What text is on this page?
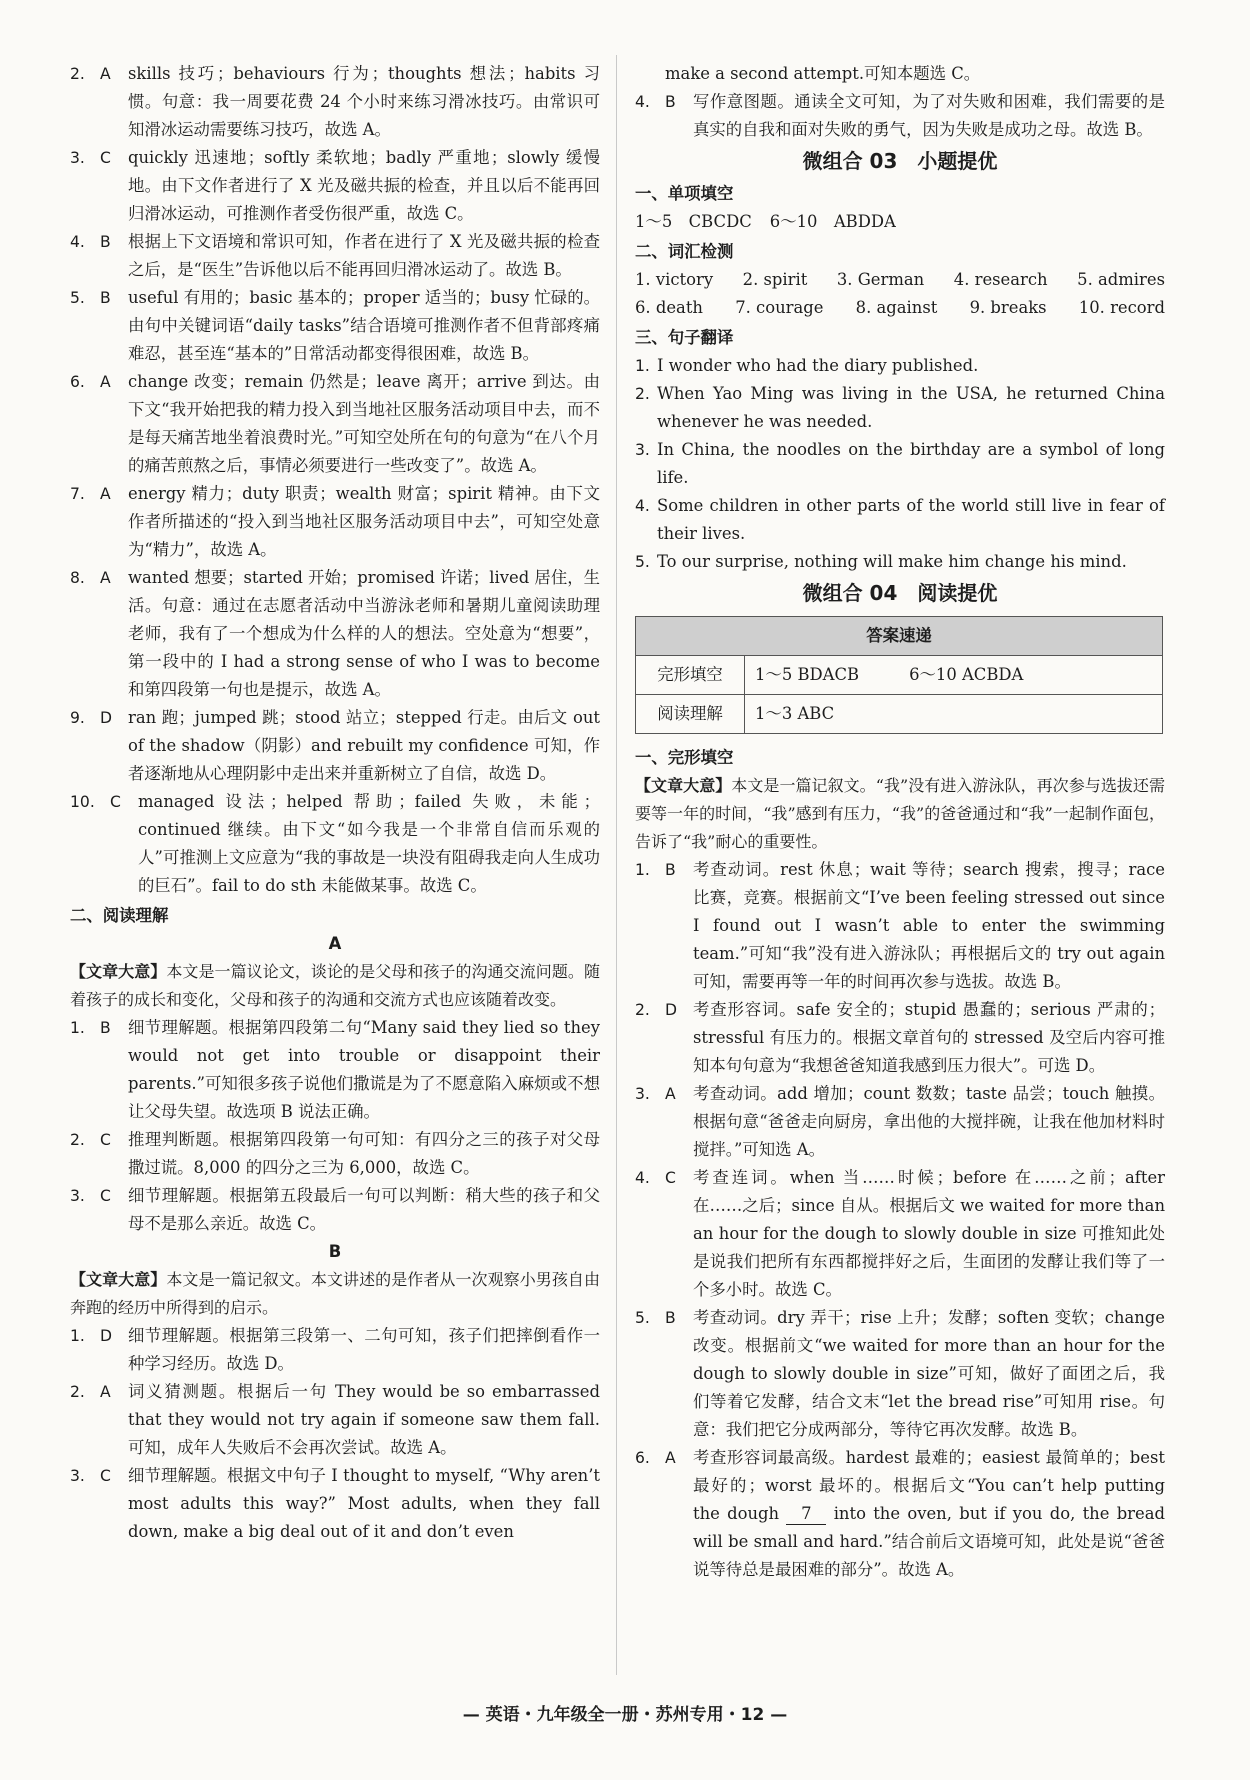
2. A	skills 技巧；behaviours 行为；thoughts 想法；habits 习惯。句意：我一周要花费 24 个小时来练习滑冰技巧。由常识可知滑冰运动需要练习技巧，故选 A。
3. C	quickly 迅速地；softly 柔软地；badly 严重地；slowly 缓慢地。由下文作者进行了 X 光及磁共振的检查，并且以后不能再回归滑冰运动，可推测作者受伤很严重，故选 C。
4. B	根据上下文语境和常识可知，作者在进行了 X 光及磁共振的检查之后，是“医生”告诉他以后不能再回归滑冰运动了。故选 B。
5. B	useful 有用的；basic 基本的；proper 适当的；busy 忙碌的。由句中关键词语“daily tasks”结合语境可推测作者不但背部疼痛难忍，甚至连“基本的”日常活动都变得很困难，故选 B。
6. A	change 改变；remain 仍然是；leave 离开；arrive 到达。由下文“我开始把我的精力投入到当地社区服务活动项目中去，而不是每天痛苦地坐着浪费时光。”可知空处所在句的句意为“在八个月的痛苦煎熬之后，事情必须要进行一些改变了”。故选 A。
7. A	energy 精力；duty 职责；wealth 财富；spirit 精神。由下文作者所描述的“投入到当地社区服务活动项目中去”，可知空处意为“精力”，故选 A。
8. A	wanted 想要；started 开始；promised 许诺；lived 居住，生活。句意：通过在志愿者活动中当游泳老师和暑期儿童阅读助理老师，我有了一个想成为什么样的人的想法。空处意为“想要”，第一段中的 I had a strong sense of who I was to become 和第四段第一句也是提示，故选 A。
9. D ran 跑；jumped 跳；stood 站立；stepped 行走。由后文 out of the shadow（阴影）and rebuilt my confidence 可知，作者逐渐地从心理阴影中走出来并重新树立了自信，故选 D。
10. C	managed 设法；helped 帮助；failed 失败，未能；continued 继续。由下文“如今我是一个非常自信而乐观的人”可推测上文应意为“我的事故是一块没有阻碍我走向人生成功的巨石”。fail to do sth 未能做某事。故选 C。
二、阅读理解
A
【文章大意】本文是一篇议论文，谈论的是父母和孩子的沟通交流问题。随着孩子的成长和变化，父母和孩子的沟通和交流方式也应该随着改变。
1. B	细节理解题。根据第四段第二句“Many said they lied so they would not get into trouble or disappoint their parents.”可知很多孩子说他们撒谎是为了不愿意陷入麻烦或不想让父母失望。故选项 B 说法正确。
2. C	推理判断题。根据第四段第一句可知：有四分之三的孩子对父母撒过谎。8,000 的四分之三为 6,000，故选 C。
3. C	细节理解题。根据第五段最后一句可以判断：稍大些的孩子和父母不是那么亲近。故选 C。
B
【文章大意】本文是一篇记叙文。本文讲述的是作者从一次观察小男孩自由奔跑的经历中所得到的启示。
1. D 细节理解题。根据第三段第一、二句可知，孩子们把摔倒看作一种学习经历。故选 D。
2. A	词义猜测题。根据后一句 They would be so embarrassed that they would not try again if someone saw them fall. 可知，成年人失败后不会再次尝试。故选 A。
3. C	细节理解题。根据文中句子 I thought to myself, “Why aren’t most adults this way?” Most adults, when they fall down, make a big deal out of it and don’t even
make a second attempt.可知本题选 C。
4. B	写作意图题。通读全文可知，为了对失败和困难，我们需要的是真实的自我和面对失败的勇气，因为失败是成功之母。故选 B。
微组合 03　小题提优
一、单项填空
1～5　CBCDC 6～10　ABDDA
二、词汇检测
1. victory 2. spirit 3. German 4. research 5. admires
6. death 7. courage 8. against 9. breaks 10. record
三、句子翻译
1. I wonder who had the diary published.
2. When Yao Ming was living in the USA, he returned China whenever he was needed.
3. In China, the noodles on the birthday are a symbol of long life.
4. Some children in other parts of the world still live in fear of their lives.
5. To our surprise, nothing will make him change his mind.
微组合 04　阅读提优
答案速递	
完形填空	1～5 BDACB 6～10 ACBDA
阅读理解	1～3 ABC
一、完形填空
【文章大意】本文是一篇记叙文。“我”没有进入游泳队，再次参与选拔还需要等一年的时间，“我”感到有压力，“我”的爸爸通过和“我”一起制作面包，告诉了“我”耐心的重要性。
1. B	考查动词。rest 休息；wait 等待；search 搜索，搜寻；race 比赛，竞赛。根据前文“I’ve been feeling stressed out since I found out I wasn’t able to enter the swimming team.”可知“我”没有进入游泳队；再根据后文的 try out again 可知，需要再等一年的时间再次参与选拔。故选 B。
2. D 考查形容词。safe 安全的；stupid 愚蠢的；serious 严肃的；stressful 有压力的。根据文章首句的 stressed 及空后内容可推知本句句意为“我想爸爸知道我感到压力很大”。可选 D。
3. A	考查动词。add 增加；count 数数；taste 品尝；touch 触摸。根据句意“爸爸走向厨房，拿出他的大搅拌碗，让我在他加材料时搅拌。”可知选 A。
4. C	考查连词。when 当……时候；before 在……之前；after 在……之后；since 自从。根据后文 we waited for more than an hour for the dough to slowly double in size 可推知此处是说我们把所有东西都搅拌好之后，生面团的发酵让我们等了一个多小时。故选 C。
5. B	考查动词。dry 弄干；rise 上升；发酵；soften 变软；change 改变。根据前文“we waited for more than an hour for the dough to slowly double in size”可知，做好了面团之后，我们等着它发酵，结合文末“let the bread rise”可知用 rise。句意：我们把它分成两部分，等待它再次发酵。故选 B。
6. A	考查形容词最高级。hardest 最难的；easiest 最简单的；best 最好的；worst 最坏的。根据后文“You can’t help putting the dough 7 into the oven, but if you do, the bread will be small and hard.”结合前后文语境可知，此处是说“爸爸说等待总是最困难的部分”。故选 A。
— 英语・九年级全一册・苏州专用・12 —
